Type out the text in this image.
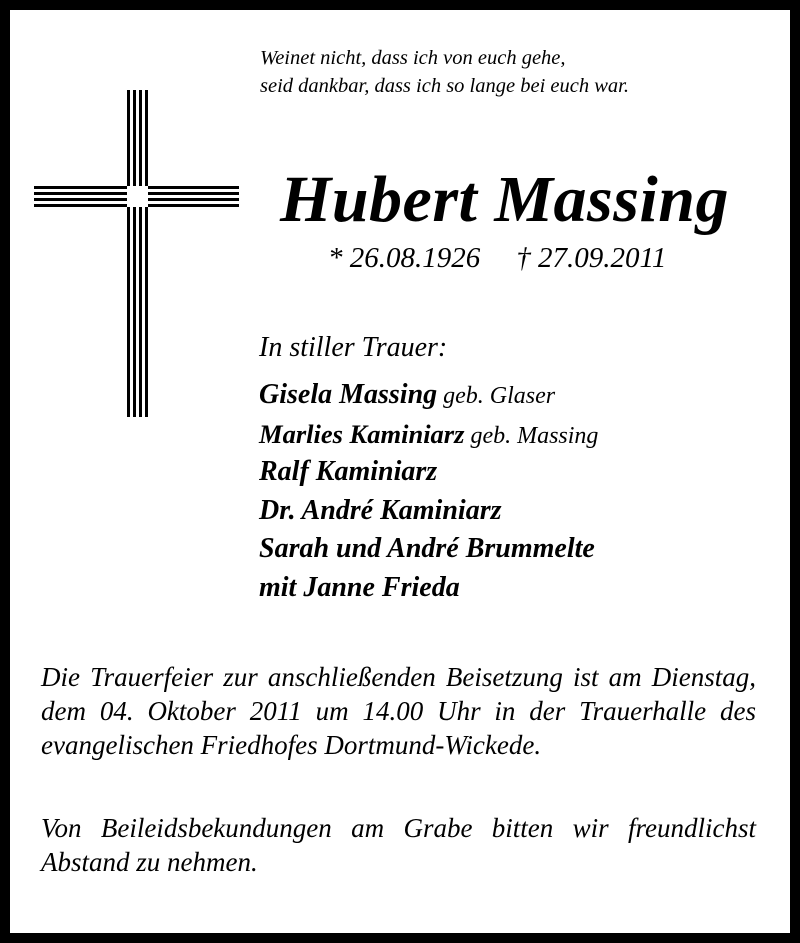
Weinet nicht, dass ich von euch gehe,
seid dankbar, dass ich so lange bei euch war.
Hubert Massing
* 26.08.1926 † 27.09.2011
In stiller Trauer:
Gisela Massing geb. Glaser
Marlies Kaminiarz geb. Massing
Ralf Kaminiarz
Dr. André Kaminiarz
Sarah und André Brummelte
mit Janne Frieda
Die Trauerfeier zur anschließenden Beisetzung ist am Dienstag, dem 04. Oktober 2011 um 14.00 Uhr in der Trauerhalle des evangelischen Friedhofes Dortmund-Wickede.
Von Beileidsbekundungen am Grabe bitten wir freundlichst Abstand zu nehmen.
